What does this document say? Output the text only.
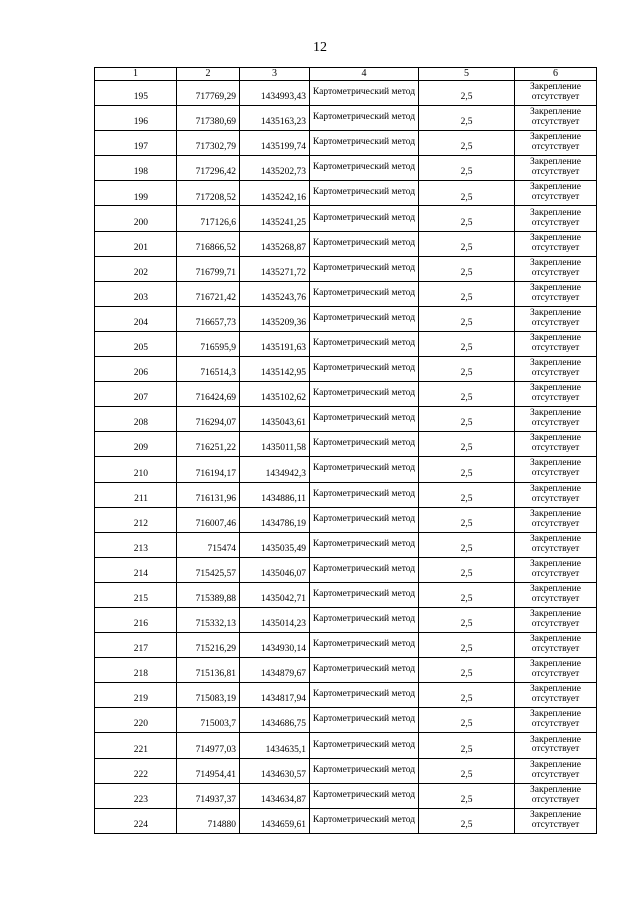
12
1	2	3	4	5	6
195	717769,29	1434993,43	Картометрический метод	2,5	Закрепление отсутствует
196	717380,69	1435163,23	Картометрический метод	2,5	Закрепление отсутствует
197	717302,79	1435199,74	Картометрический метод	2,5	Закрепление отсутствует
198	717296,42	1435202,73	Картометрический метод	2,5	Закрепление отсутствует
199	717208,52	1435242,16	Картометрический метод	2,5	Закрепление отсутствует
200	717126,6	1435241,25	Картометрический метод	2,5	Закрепление отсутствует
201	716866,52	1435268,87	Картометрический метод	2,5	Закрепление отсутствует
202	716799,71	1435271,72	Картометрический метод	2,5	Закрепление отсутствует
203	716721,42	1435243,76	Картометрический метод	2,5	Закрепление отсутствует
204	716657,73	1435209,36	Картометрический метод	2,5	Закрепление отсутствует
205	716595,9	1435191,63	Картометрический метод	2,5	Закрепление отсутствует
206	716514,3	1435142,95	Картометрический метод	2,5	Закрепление отсутствует
207	716424,69	1435102,62	Картометрический метод	2,5	Закрепление отсутствует
208	716294,07	1435043,61	Картометрический метод	2,5	Закрепление отсутствует
209	716251,22	1435011,58	Картометрический метод	2,5	Закрепление отсутствует
210	716194,17	1434942,3	Картометрический метод	2,5	Закрепление отсутствует
211	716131,96	1434886,11	Картометрический метод	2,5	Закрепление отсутствует
212	716007,46	1434786,19	Картометрический метод	2,5	Закрепление отсутствует
213	715474	1435035,49	Картометрический метод	2,5	Закрепление отсутствует
214	715425,57	1435046,07	Картометрический метод	2,5	Закрепление отсутствует
215	715389,88	1435042,71	Картометрический метод	2,5	Закрепление отсутствует
216	715332,13	1435014,23	Картометрический метод	2,5	Закрепление отсутствует
217	715216,29	1434930,14	Картометрический метод	2,5	Закрепление отсутствует
218	715136,81	1434879,67	Картометрический метод	2,5	Закрепление отсутствует
219	715083,19	1434817,94	Картометрический метод	2,5	Закрепление отсутствует
220	715003,7	1434686,75	Картометрический метод	2,5	Закрепление отсутствует
221	714977,03	1434635,1	Картометрический метод	2,5	Закрепление отсутствует
222	714954,41	1434630,57	Картометрический метод	2,5	Закрепление отсутствует
223	714937,37	1434634,87	Картометрический метод	2,5	Закрепление отсутствует
224	714880	1434659,61	Картометрический метод	2,5	Закрепление отсутствует
